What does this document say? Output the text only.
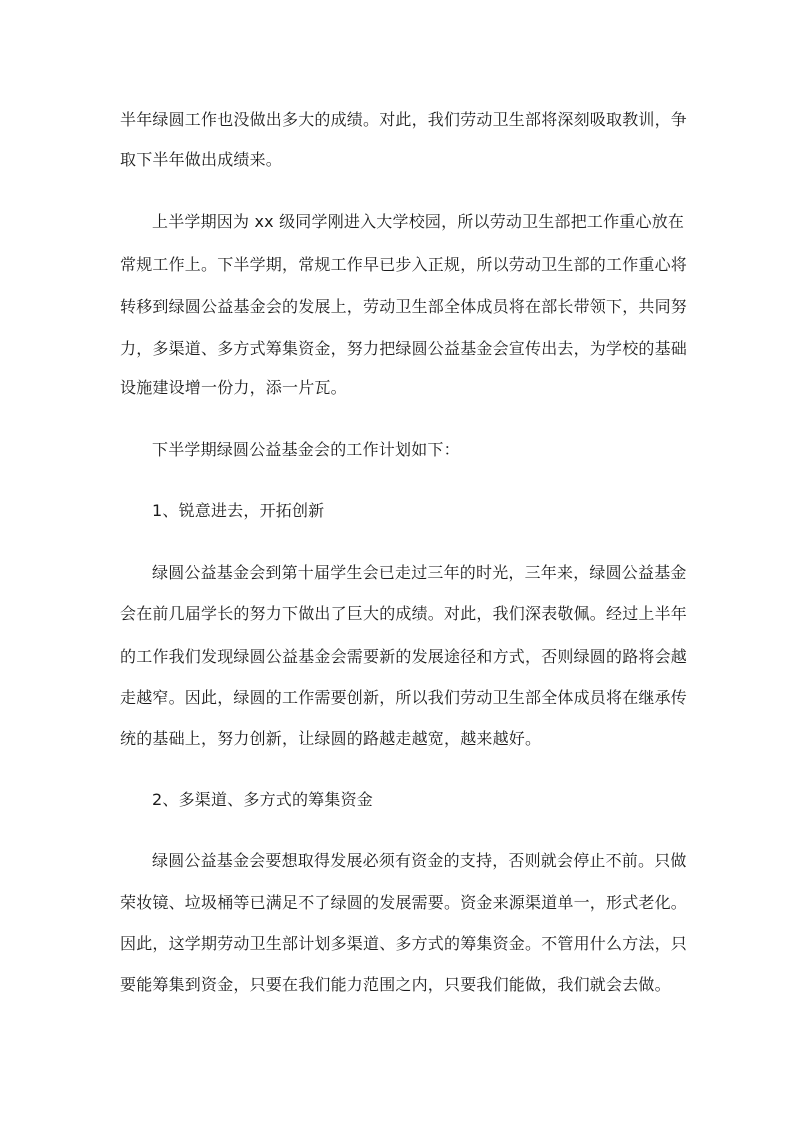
半年绿圆工作也没做出多大的成绩。对此，我们劳动卫生部将深刻吸取教训，争
取下半年做出成绩来。
上半学期因为 xx 级同学刚进入大学校园，所以劳动卫生部把工作重心放在
常规工作上。下半学期，常规工作早已步入正规，所以劳动卫生部的工作重心将
转移到绿圆公益基金会的发展上，劳动卫生部全体成员将在部长带领下，共同努
力，多渠道、多方式筹集资金，努力把绿圆公益基金会宣传出去，为学校的基础
设施建设增一份力，添一片瓦。
下半学期绿圆公益基金会的工作计划如下：
1、锐意进去，开拓创新
绿圆公益基金会到第十届学生会已走过三年的时光，三年来，绿圆公益基金
会在前几届学长的努力下做出了巨大的成绩。对此，我们深表敬佩。经过上半年
的工作我们发现绿圆公益基金会需要新的发展途径和方式，否则绿圆的路将会越
走越窄。因此，绿圆的工作需要创新，所以我们劳动卫生部全体成员将在继承传
统的基础上，努力创新，让绿圆的路越走越宽，越来越好。
2、多渠道、多方式的筹集资金
绿圆公益基金会要想取得发展必须有资金的支持，否则就会停止不前。只做
荣妆镜、垃圾桶等已满足不了绿圆的发展需要。资金来源渠道单一，形式老化。
因此，这学期劳动卫生部计划多渠道、多方式的筹集资金。不管用什么方法，只
要能筹集到资金，只要在我们能力范围之内，只要我们能做，我们就会去做。
